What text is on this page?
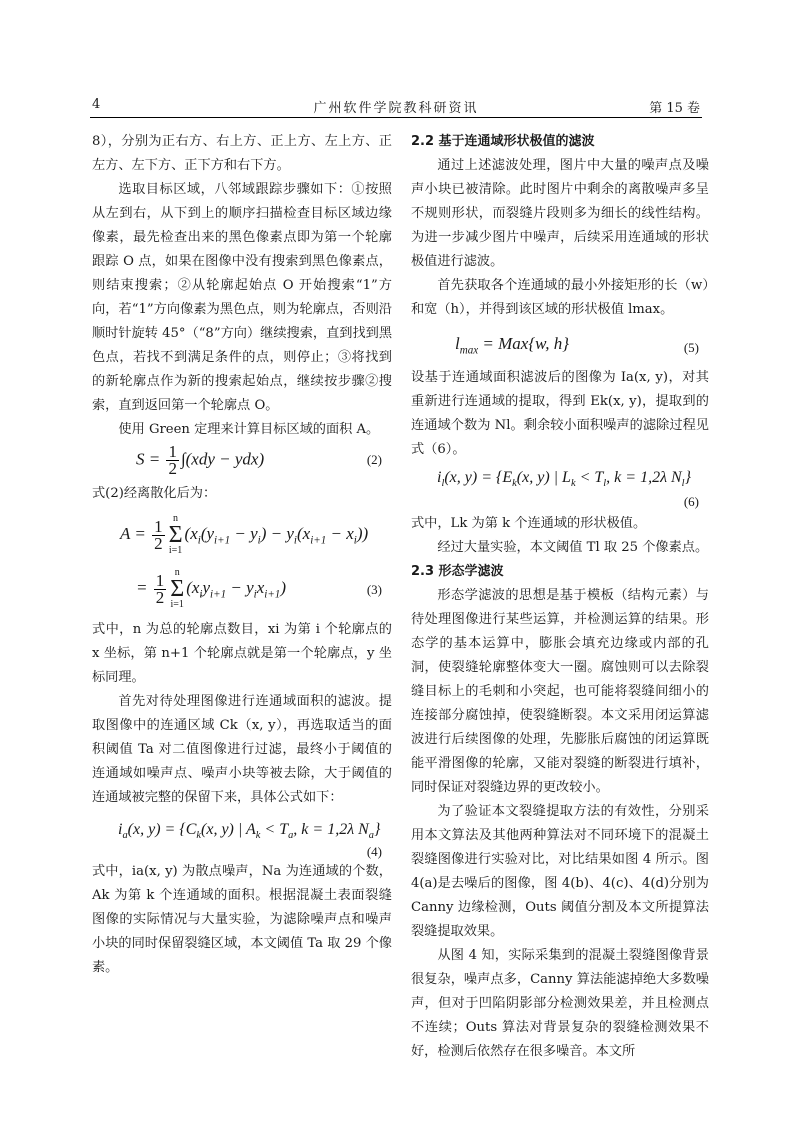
4	广州软件学院教科研资讯	第 15 卷

8），分别为正右方、右上方、正上方、左上方、正左方、左下方、正下方和右下方。

选取目标区域，八邻域跟踪步骤如下：①按照从左到右，从下到上的顺序扫描检查目标区域边缘像素，最先检查出来的黑色像素点即为第一个轮廓跟踪 O 点，如果在图像中没有搜索到黑色像素点，则结束搜索；②从轮廓起始点 O 开始搜索“1”方向，若“1”方向像素为黑色点，则为轮廓点，否则沿顺时针旋转 45°（“8”方向）继续搜索，直到找到黑色点，若找不到满足条件的点，则停止；③将找到的新轮廓点作为新的搜索起始点，继续按步骤②搜索，直到返回第一个轮廓点 O。

使用 Green 定理来计算目标区域的面积 A。

$S = \frac{1}{2} \int(xdy - ydx)$	(2)

式(2)经离散化后为：

$A = \frac{1}{2}$ n
Σ
$i=1(x_i(y_{i+1} - y_i) - y_i(x_{i+1} - x_i))$
= $\frac{1}{2}$ n
Σ
$i=1(x_iy_{i+1} - y_ix_{i+1})$	(3)

式中，n 为总的轮廓点数目，xi 为第 i 个轮廓点的 x 坐标，第 n+1 个轮廓点就是第一个轮廓点，y 坐标同理。

首先对待处理图像进行连通域面积的滤波。提取图像中的连通区域 Ck（x, y），再选取适当的面积阈值 Ta 对二值图像进行过滤，最终小于阈值的连通域如噪声点、噪声小块等被去除，大于阈值的连通域被完整的保留下来，具体公式如下：

$i_a(x$, $y) = \{C_k(x$, y) | $A_k < T_a$, k = 1,2λ $N_a$}
(4)

式中，ia(x, y) 为散点噪声，Na 为连通域的个数，Ak 为第 k 个连通域的面积。根据混凝土表面裂缝图像的实际情况与大量实验，为滤除噪声点和噪声小块的同时保留裂缝区域，本文阈值 Ta 取 29 个像素。

2.2 基于连通域形状极值的滤波

通过上述滤波处理，图片中大量的噪声点及噪声小块已被清除。此时图片中剩余的离散噪声多呈不规则形状，而裂缝片段则多为细长的线性结构。为进一步减少图片中噪声，后续采用连通域的形状极值进行滤波。

首先获取各个连通域的最小外接矩形的长（w）和宽（h），并得到该区域的形状极值 lmax。

$l_{max} = Max\{w$, h}	(5)

设基于连通域面积滤波后的图像为 Ia(x, y)，对其重新进行连通域的提取，得到 Ek(x, y)，提取到的连通域个数为 Nl。剩余较小面积噪声的滤除过程见式（6）。

$i_l(x$, $y) = \{E_k(x$, y) | $L_k < T_l$, k = 1,2λ $N_l$}
(6)

式中，Lk 为第 k 个连通域的形状极值。

经过大量实验，本文阈值 Tl 取 25 个像素点。

2.3 形态学滤波

形态学滤波的思想是基于模板（结构元素）与待处理图像进行某些运算，并检测运算的结果。形态学的基本运算中，膨胀会填充边缘或内部的孔洞，使裂缝轮廓整体变大一圈。腐蚀则可以去除裂缝目标上的毛刺和小突起，也可能将裂缝间细小的连接部分腐蚀掉，使裂缝断裂。本文采用闭运算滤波进行后续图像的处理，先膨胀后腐蚀的闭运算既能平滑图像的轮廓，又能对裂缝的断裂进行填补，同时保证对裂缝边界的更改较小。

为了验证本文裂缝提取方法的有效性，分别采用本文算法及其他两种算法对不同环境下的混凝土裂缝图像进行实验对比，对比结果如图 4 所示。图 4(a)是去噪后的图像，图 4(b)、4(c)、4(d)分别为 Canny 边缘检测，Outs 阈值分割及本文所提算法裂缝提取效果。

从图 4 知，实际采集到的混凝土裂缝图像背景很复杂，噪声点多，Canny 算法能滤掉绝大多数噪声，但对于凹陷阴影部分检测效果差，并且检测点不连续；Outs 算法对背景复杂的裂缝检测效果不好，检测后依然存在很多噪音。本文所
